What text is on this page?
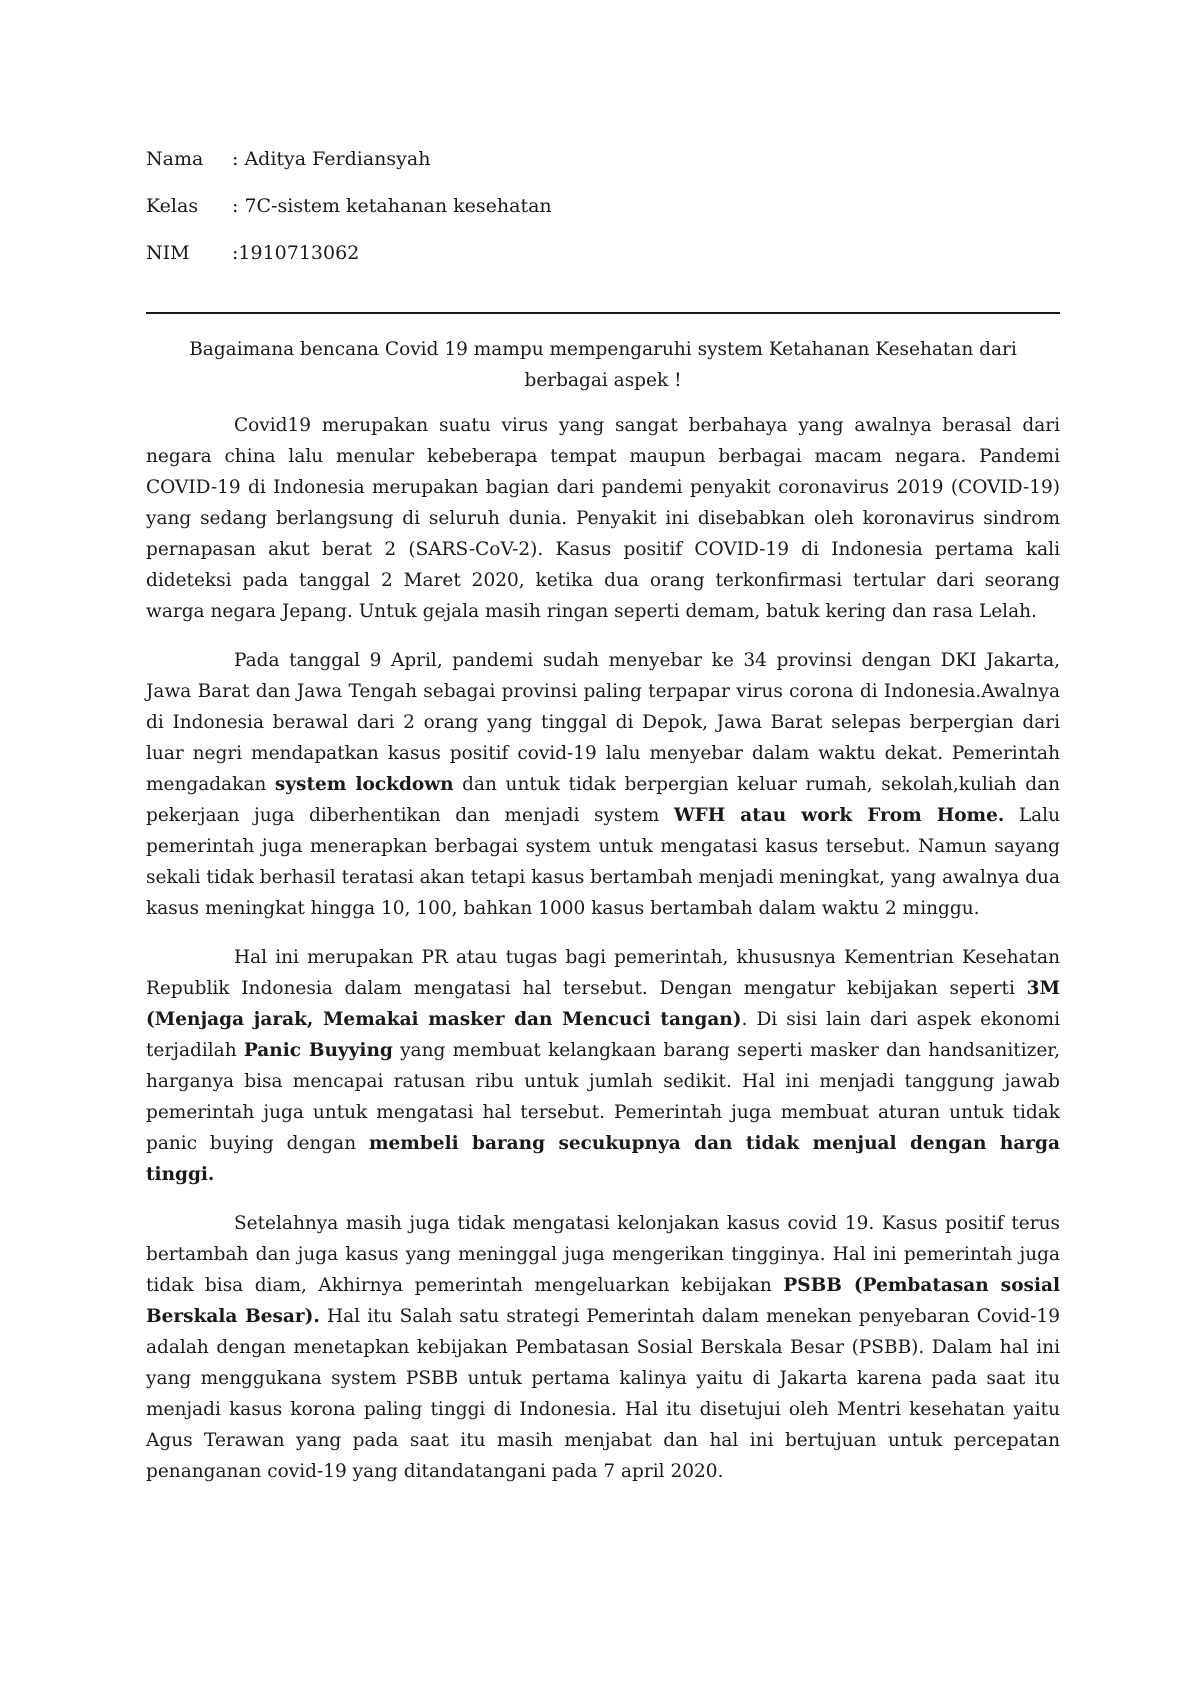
Nama : Aditya Ferdiansyah
Kelas : 7C-sistem ketahanan kesehatan
NIM :1910713062
Bagaimana bencana Covid 19 mampu mempengaruhi system Ketahanan Kesehatan dari
berbagai aspek !

Covid19 merupakan suatu virus yang sangat berbahaya yang awalnya berasal dari negara china lalu menular kebeberapa tempat maupun berbagai macam negara. Pandemi COVID-19 di Indonesia merupakan bagian dari pandemi penyakit coronavirus 2019 (COVID-19) yang sedang berlangsung di seluruh dunia. Penyakit ini disebabkan oleh koronavirus sindrom pernapasan akut berat 2 (SARS-CoV-2). Kasus positif COVID-19 di Indonesia pertama kali dideteksi pada tanggal 2 Maret 2020, ketika dua orang terkonfirmasi tertular dari seorang warga negara Jepang. Untuk gejala masih ringan seperti demam, batuk kering dan rasa Lelah.

Pada tanggal 9 April, pandemi sudah menyebar ke 34 provinsi dengan DKI Jakarta, Jawa Barat dan Jawa Tengah sebagai provinsi paling terpapar virus corona di Indonesia.Awalnya di Indonesia berawal dari 2 orang yang tinggal di Depok, Jawa Barat selepas berpergian dari luar negri mendapatkan kasus positif covid-19 lalu menyebar dalam waktu dekat. Pemerintah mengadakan system lockdown dan untuk tidak berpergian keluar rumah, sekolah,kuliah dan pekerjaan juga diberhentikan dan menjadi system WFH atau work From Home. Lalu pemerintah juga menerapkan berbagai system untuk mengatasi kasus tersebut. Namun sayang sekali tidak berhasil teratasi akan tetapi kasus bertambah menjadi meningkat, yang awalnya dua kasus meningkat hingga 10, 100, bahkan 1000 kasus bertambah dalam waktu 2 minggu.

Hal ini merupakan PR atau tugas bagi pemerintah, khususnya Kementrian Kesehatan Republik Indonesia dalam mengatasi hal tersebut. Dengan mengatur kebijakan seperti 3M (Menjaga jarak, Memakai masker dan Mencuci tangan). Di sisi lain dari aspek ekonomi terjadilah Panic Buyying yang membuat kelangkaan barang seperti masker dan handsanitizer, harganya bisa mencapai ratusan ribu untuk jumlah sedikit. Hal ini menjadi tanggung jawab pemerintah juga untuk mengatasi hal tersebut. Pemerintah juga membuat aturan untuk tidak panic buying dengan membeli barang secukupnya dan tidak menjual dengan harga tinggi.

Setelahnya masih juga tidak mengatasi kelonjakan kasus covid 19. Kasus positif terus bertambah dan juga kasus yang meninggal juga mengerikan tingginya. Hal ini pemerintah juga tidak bisa diam, Akhirnya pemerintah mengeluarkan kebijakan PSBB (Pembatasan sosial Berskala Besar). Hal itu Salah satu strategi Pemerintah dalam menekan penyebaran Covid-19 adalah dengan menetapkan kebijakan Pembatasan Sosial Berskala Besar (PSBB). Dalam hal ini yang menggukana system PSBB untuk pertama kalinya yaitu di Jakarta karena pada saat itu menjadi kasus korona paling tinggi di Indonesia. Hal itu disetujui oleh Mentri kesehatan yaitu Agus Terawan yang pada saat itu masih menjabat dan hal ini bertujuan untuk percepatan penanganan covid-19 yang ditandatangani pada 7 april 2020.
